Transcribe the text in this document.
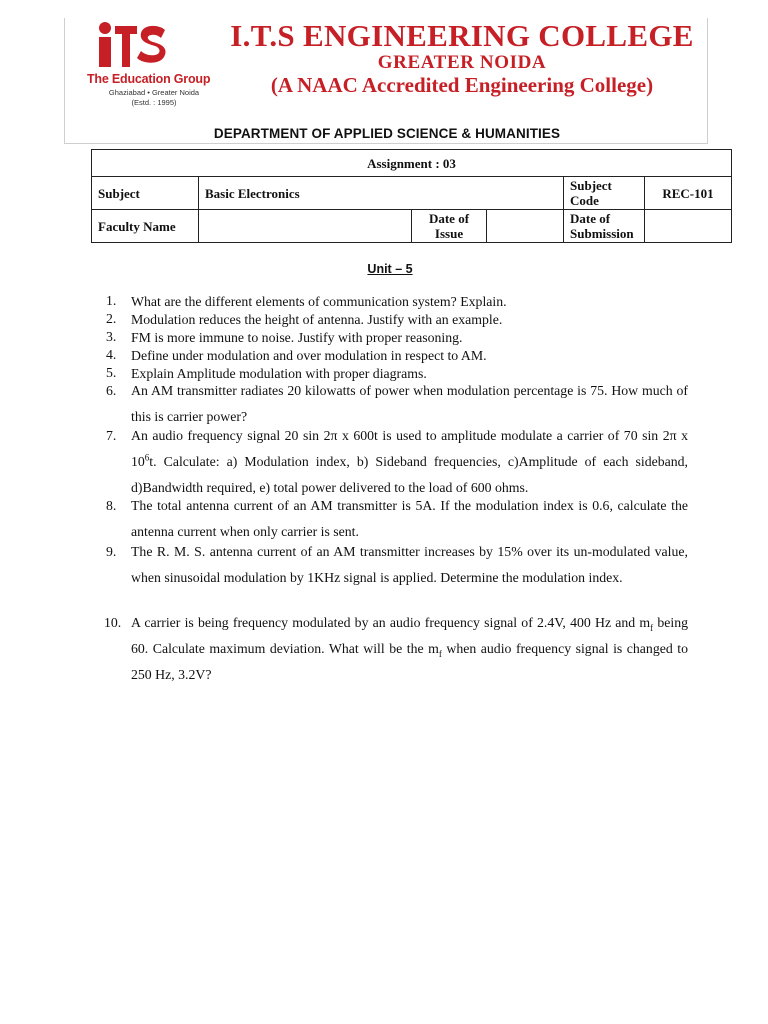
The Education Group
Ghaziabad • Greater Noida
(Estd. : 1995)
I.T.S ENGINEERING COLLEGE
GREATER NOIDA
(A NAAC Accredited Engineering College)
DEPARTMENT OF APPLIED SCIENCE & HUMANITIES
Assignment : 03					
Subject	Basic Electronics			Subject Code	REC-101
Faculty Name		Date of Issue		Date of Submission	
Unit – 5
1.	What are the different elements of communication system? Explain.
2.	Modulation reduces the height of antenna. Justify with an example.
3.	FM is more immune to noise. Justify with proper reasoning.
4.	Define under modulation and over modulation in respect to AM.
5.	Explain Amplitude modulation with proper diagrams.
6.	An AM transmitter radiates 20 kilowatts of power when modulation percentage is 75. How much of this is carrier power?
7.	An audio frequency signal 20 sin 2π x 600t is used to amplitude modulate a carrier of 70 sin 2π x $10^6t$. Calculate: a) Modulation index, b) Sideband frequencies, c)Amplitude of each sideband, d)Bandwidth required, e) total power delivered to the load of 600 ohms.
8.	The total antenna current of an AM transmitter is 5A. If the modulation index is 0.6, calculate the antenna current when only carrier is sent.
9.	The R. M. S. antenna current of an AM transmitter increases by 15% over its un-modulated value, when sinusoidal modulation by 1KHz signal is applied. Determine the modulation index.
10. A carrier is being frequency modulated by an audio frequency signal of 2.4V, 400 Hz and $m_f$ being 60. Calculate maximum deviation. What will be the $m_f$ when audio frequency signal is changed to 250 Hz, 3.2V?
